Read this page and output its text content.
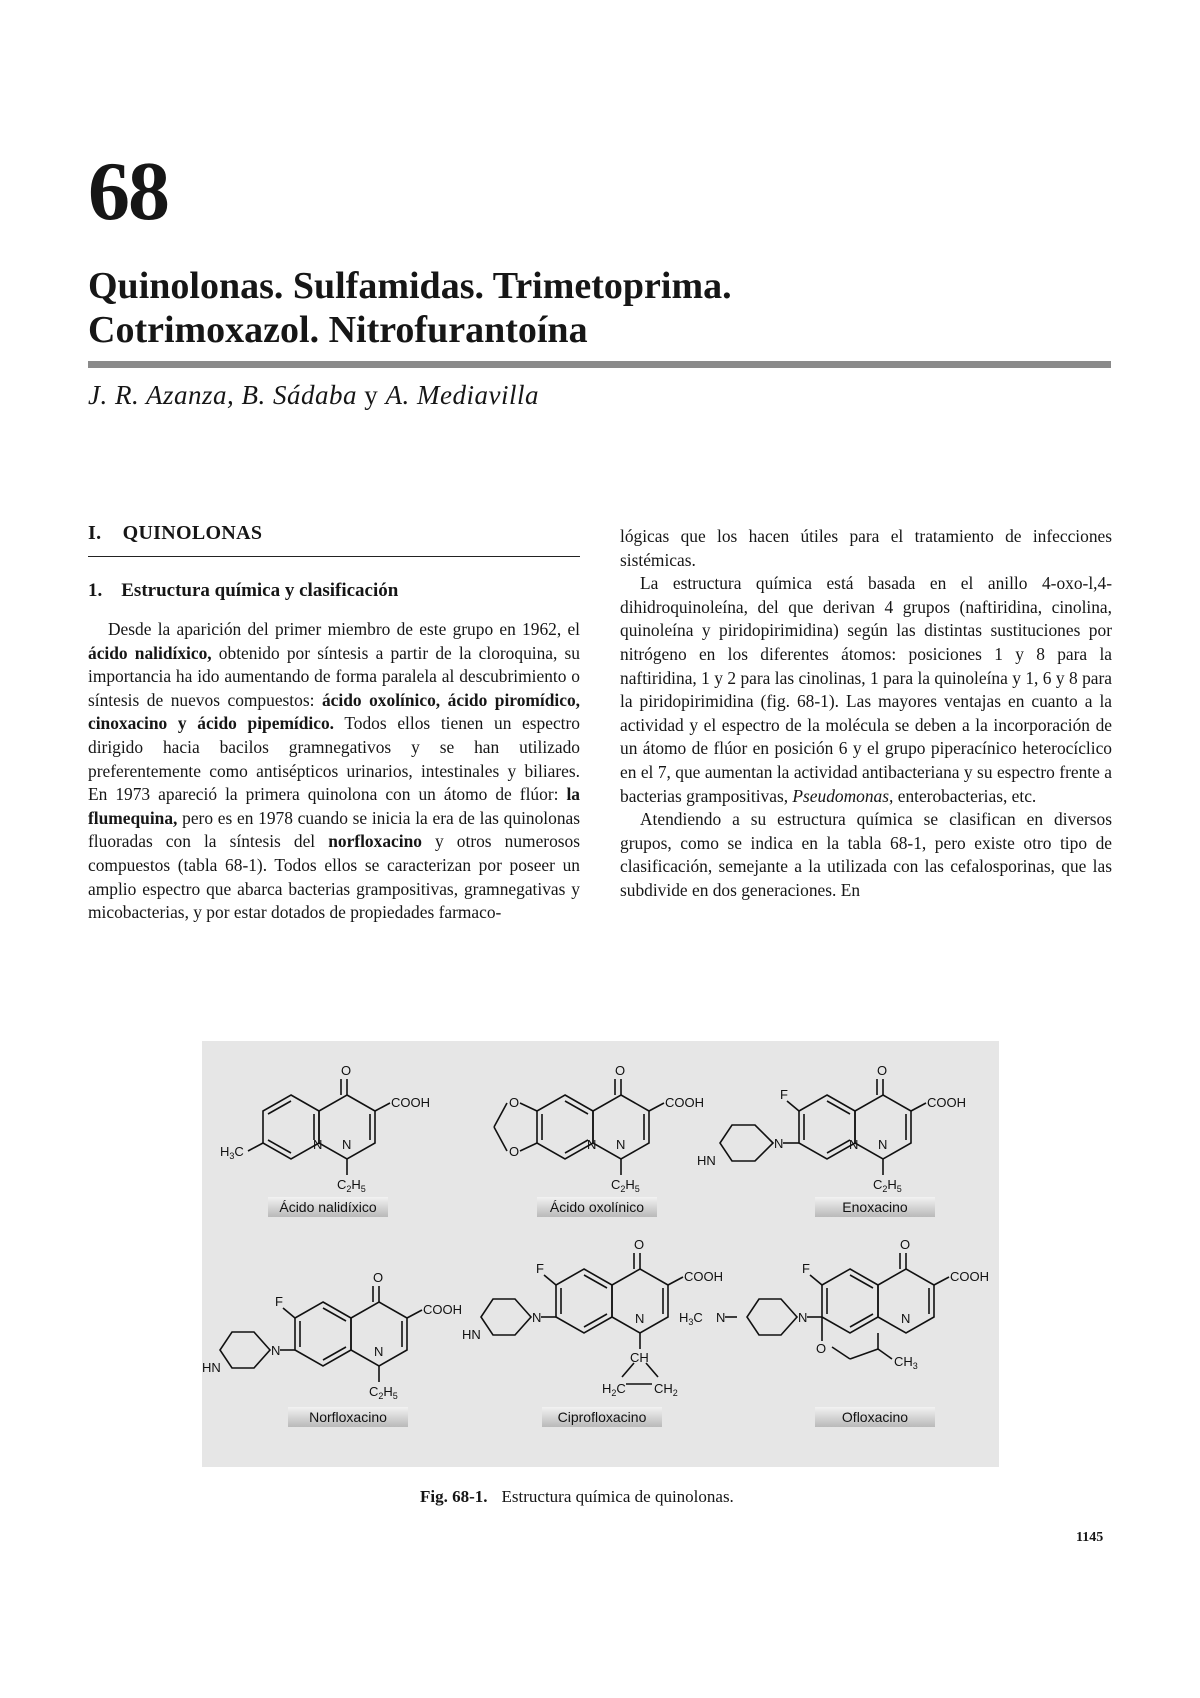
68
Quinolonas. Sulfamidas. Trimetoprima.
Cotrimoxazol. Nitrofurantoína
J. R. Azanza, B. Sádaba y A. Mediavilla
I.    QUINOLONAS
1.    Estructura química y clasificación

Desde la aparición del primer miembro de este grupo en 1962, el ácido nalidíxico, obtenido por síntesis a partir de la cloroquina, su importancia ha ido aumentando de forma paralela al descubrimiento o síntesis de nuevos compuestos: ácido oxolínico, ácido piromídico, cinoxacino y ácido pipemídico. Todos ellos tienen un espectro dirigido hacia bacilos gramnegativos y se han utilizado preferentemente como antisépticos urinarios, intestinales y biliares. En 1973 apareció la primera quinolona con un átomo de flúor: la flumequina, pero es en 1978 cuando se inicia la era de las quinolonas fluoradas con la síntesis del norfloxacino y otros numerosos compuestos (tabla 68-1). Todos ellos se caracterizan por poseer un amplio espectro que abarca bacterias grampositivas, gramnegativas y micobacterias, y por estar dotados de propiedades farmaco-

lógicas que los hacen útiles para el tratamiento de infecciones sistémicas.

La estructura química está basada en el anillo 4-oxo-l,4-dihidroquinoleína, del que derivan 4 grupos (naftiridina, cinolina, quinoleína y piridopirimidina) según las distintas sustituciones por nitrógeno en los diferentes átomos: posiciones 1 y 8 para la naftiridina, 1 y 2 para las cinolinas, 1 para la quinoleína y 1, 6 y 8 para la piridopirimidina (fig. 68-1). Las mayores ventajas en cuanto a la actividad y el espectro de la molécula se deben a la incorporación de un átomo de flúor en posición 6 y el grupo piperacínico heterocíclico en el 7, que aumentan la actividad antibacteriana y su espectro frente a bacterias grampositivas, Pseudomonas, enterobacterias, etc.

Atendiendo a su estructura química se clasifican en diversos grupos, como se indica en la tabla 68-1, pero existe otro tipo de clasificación, semejante a la utilizada con las cefalosporinas, que las subdivide en dos generaciones. En

O
COOH
N N
$C_2H_5$
$H_3C$
O
COOH
N N
$C_2H_5$
O
O
O
COOH
N N
$C_2H_5$
F
N
HN
O
COOH
N
$C_2H_5$
F
N
HN
O
COOH
N
CH
$H_2C$ $CH_2$
F
N
HN
O
COOH
N
F
N
N
O
$CH_3$
$H_3C$
Ácido nalidíxico	Ácido oxolínico	Enoxacino
Norfloxacino	Ciprofloxacino	Ofloxacino
Fig. 68-1. Estructura química de quinolonas.
1145
